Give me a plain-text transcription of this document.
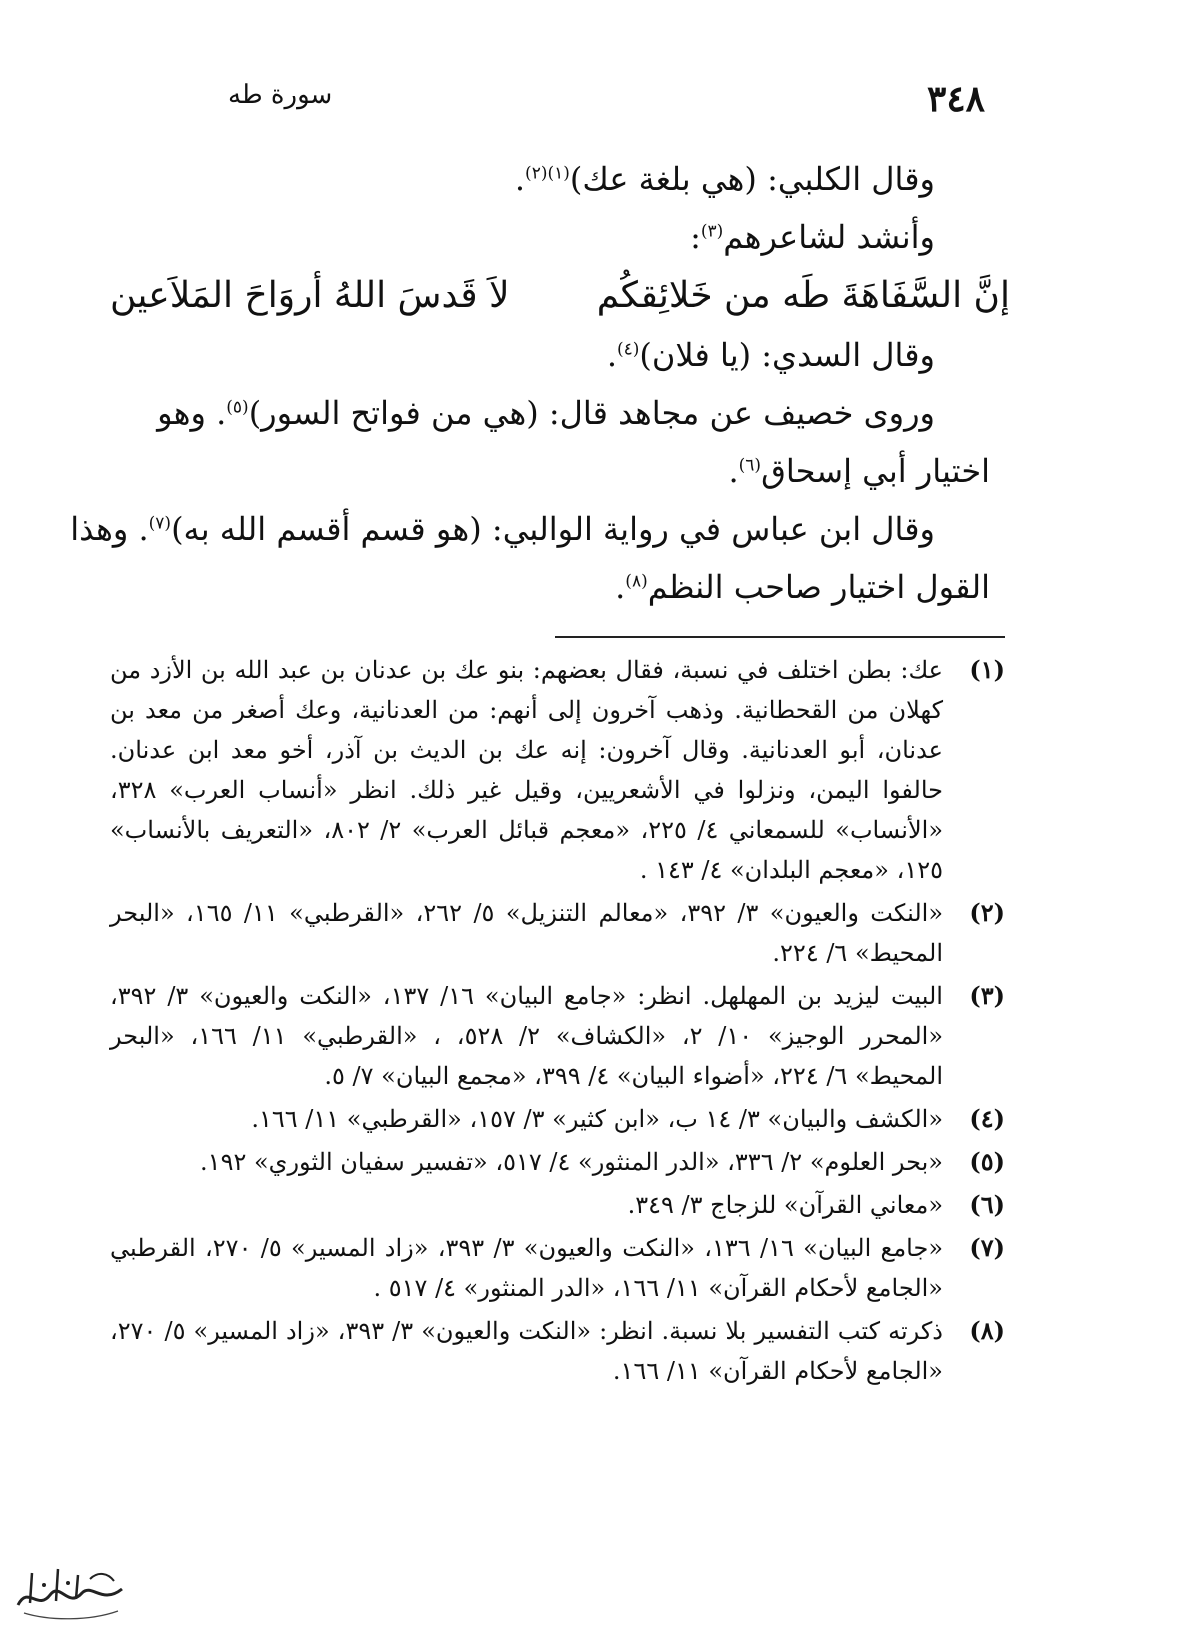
٣٤٨
سورة طه
وقال الكلبي: (هي بلغة عك)$^{(١)(٢)}$.
وأنشد لشاعرهم$^{(٣)}$:
إنَّ السَّفَاهَةَ طَه من خَلائِقكُم
لاَ قَدسَ اللهُ أروَاحَ المَلاَعين
وقال السدي: (يا فلان)$^{(٤)}$.
وروى خصيف عن مجاهد قال: (هي من فواتح السور)$^{(٥)}$. وهو
اختيار أبي إسحاق$^{(٦)}$.
وقال ابن عباس في رواية الوالبي: (هو قسم أقسم الله به)$^{(٧)}$. وهذا
القول اختيار صاحب النظم$^{(٨)}$.
(١)
عك: بطن اختلف في نسبة، فقال بعضهم: بنو عك بن عدنان بن عبد الله بن الأزد من كهلان من القحطانية. وذهب آخرون إلى أنهم: من العدنانية، وعك أصغر من معد بن عدنان، أبو العدنانية. وقال آخرون: إنه عك بن الديث بن آذر، أخو معد ابن عدنان. حالفوا اليمن، ونزلوا في الأشعريين، وقيل غير ذلك. انظر «أنساب العرب» ٣٢٨، «الأنساب» للسمعاني ٤/ ٢٢٥، «معجم قبائل العرب» ٢/ ٨٠٢، «التعريف بالأنساب» ١٢٥، «معجم البلدان» ٤/ ١٤٣ .
(٢)
«النكت والعيون» ٣/ ٣٩٢، «معالم التنزيل» ٥/ ٢٦٢، «القرطبي» ١١/ ١٦٥، «البحر المحيط» ٦/ ٢٢٤.
(٣)
البيت ليزيد بن المهلهل. انظر: «جامع البيان» ١٦/ ١٣٧، «النكت والعيون» ٣/ ٣٩٢، «المحرر الوجيز» ١٠/ ٢، «الكشاف» ٢/ ٥٢٨، ، «القرطبي» ١١/ ١٦٦، «البحر المحيط» ٦/ ٢٢٤، «أضواء البيان» ٤/ ٣٩٩، «مجمع البيان» ٧/ ٥.
(٤)
«الكشف والبيان» ٣/ ١٤ ب، «ابن كثير» ٣/ ١٥٧، «القرطبي» ١١/ ١٦٦.
(٥)
«بحر العلوم» ٢/ ٣٣٦، «الدر المنثور» ٤/ ٥١٧، «تفسير سفيان الثوري» ١٩٢.
(٦)
«معاني القرآن» للزجاج ٣/ ٣٤٩.
(٧)
«جامع البيان» ١٦/ ١٣٦، «النكت والعيون» ٣/ ٣٩٣، «زاد المسير» ٥/ ٢٧٠، القرطبي «الجامع لأحكام القرآن» ١١/ ١٦٦، «الدر المنثور» ٤/ ٥١٧ .
(٨)
ذكرته كتب التفسير بلا نسبة. انظر: «النكت والعيون» ٣/ ٣٩٣، «زاد المسير» ٥/ ٢٧٠، «الجامع لأحكام القرآن» ١١/ ١٦٦.
